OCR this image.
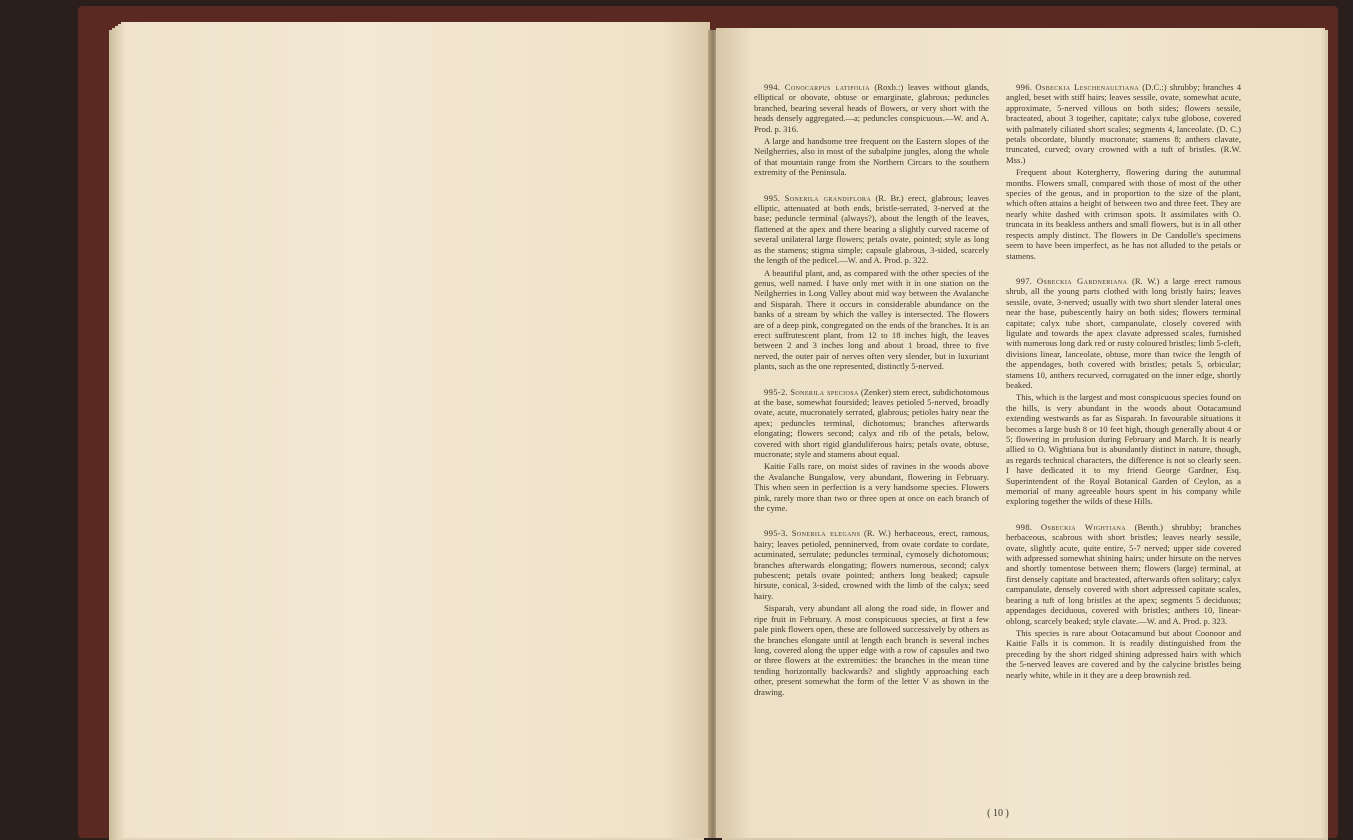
994. Conocarpus latifolia (Roxb.:) leaves without glands, elliptical or obovate, obtuse or emarginate, glabrous; peduncles branched, bearing several heads of flowers, or very short with the heads densely aggregated.—a; peduncles conspicuous.—W. and A. Prod. p. 316.

A large and handsome tree frequent on the Eastern slopes of the Neilgherries, also in most of the subalpine jungles, along the whole of that mountain range from the Northern Circars to the southern extremity of the Peninsula.

995. Sonerila grandiflora (R. Br.) erect, glabrous; leaves elliptic, attenuated at both ends, bristle-serrated, 3-nerved at the base; peduncle terminal (always?), about the length of the leaves, flattened at the apex and there bearing a slightly curved raceme of several unilateral large flowers; petals ovate, pointed; style as long as the stamens; stigma simple; capsule glabrous, 3-sided, scarcely the length of the pedicel.—W. and A. Prod. p. 322.

A beautiful plant, and, as compared with the other species of the genus, well named. I have only met with it in one station on the Neilgherries in Long Valley about mid way between the Avalanche and Sisparah. There it occurs in considerable abundance on the banks of a stream by which the valley is intersected. The flowers are of a deep pink, congregated on the ends of the branches. It is an erect suffrutescent plant, from 12 to 18 inches high, the leaves between 2 and 3 inches long and about 1 broad, three to five nerved, the outer pair of nerves often very slender, but in luxuriant plants, such as the one represented, distinctly 5-nerved.

995-2. Sonerila speciosa (Zenker) stem erect, subdichotomous at the base, somewhat foursided; leaves petioled 5-nerved, broadly ovate, acute, mucronately serrated, glabrous; petioles hairy near the apex; peduncles terminal, dichotomus; branches afterwards elongating; flowers second; calyx and rib of the petals, below, covered with short rigid glanduliferous hairs; petals ovate, obtuse, mucronate; style and stamens about equal.

Kaitie Falls rare, on moist sides of ravines in the woods above the Avalanche Bungalow, very abundant, flowering in February. This when seen in perfection is a very handsome species. Flowers pink, rarely more than two or three open at once on each branch of the cyme.

995-3. Sonerila elegans (R. W.) herbaceous, erect, ramous, hairy; leaves petioled, penninerved, from ovate cordate to cordate, acuminated, serrulate; peduncles terminal, cymosely dichotomous; branches afterwards elongating; flowers numerous, second; calyx pubescent; petals ovate pointed; anthers long beaked; capsule hirsute, conical, 3-sided, crowned with the limb of the calyx; seed hairy.

Sisparah, very abundant all along the road side, in flower and ripe fruit in February. A most conspicuous species, at first a few pale pink flowers open, these are followed successively by others as the branches elongate until at length each branch is several inches long, covered along the upper edge with a row of capsules and two or three flowers at the extremities: the branches in the mean time tending horizontally backwards? and slightly approaching each other, present somewhat the form of the letter V as shown in the drawing.

996. Osbeckia Leschenaultiana (D.C.:) shrubby; branches 4 angled, beset with stiff hairs; leaves sessile, ovate, somewhat acute, approximate, 5-nerved villous on both sides; flowers sessile, bracteated, about 3 together, capitate; calyx tube globose, covered with palmately ciliated short scales; segments 4, lanceolate. (D. C.) petals obcordate, bluntly mucronate; stamens 8; anthers clavate, truncated, curved; ovary crowned with a tuft of bristles. (R.W. Mss.)

Frequent about Kotergherry, flowering during the autumnal months. Flowers small, compared with those of most of the other species of the genus, and in proportion to the size of the plant, which often attains a height of between two and three feet. They are nearly white dashed with crimson spots. It assimilates with O. truncata in its beakless anthers and small flowers, but is in all other respects amply distinct. The flowers in De Candolle's specimens seem to have been imperfect, as he has not alluded to the petals or stamens.

997. Osbeckia Gardneriana (R. W.) a large erect ramous shrub, all the young parts clothed with long bristly hairs; leaves sessile, ovate, 3-nerved; usually with two short slender lateral ones near the base, pubescently hairy on both sides; flowers terminal capitate; calyx tube short, campanulate, closely covered with ligulate and towards the apex clavate adpressed scales, furnished with numerous long dark red or rusty coloured bristles; limb 5-cleft, divisions linear, lanceolate, obtuse, more than twice the length of the appendages, both covered with bristles; petals 5, orbicular; stamens 10, anthers recurved, corrugated on the inner edge, shortly beaked.

This, which is the largest and most conspicuous species found on the hills, is very abundant in the woods about Ootacamund extending westwards as far as Sisparah. In favourable situations it becomes a large bush 8 or 10 feet high, though generally about 4 or 5; flowering in profusion during February and March. It is nearly allied to O. Wightiana but is abundantly distinct in nature, though, as regards technical characters, the difference is not so clearly seen. I have dedicated it to my friend George Gardner, Esq. Superintendent of the Royal Botanical Garden of Ceylon, as a memorial of many agreeable hours spent in his company while exploring together the wilds of these Hills.

998. Osbeckia Wightiana (Benth.) shrubby; branches herbaceous, scabrous with short bristles; leaves nearly sessile, ovate, slightly acute, quite entire, 5-7 nerved; upper side covered with adpressed somewhat shining hairs; under hirsute on the nerves and shortly tomentose between them; flowers (large) terminal, at first densely capitate and bracteated, afterwards often solitary; calyx campanulate, densely covered with short adpressed capitate scales, bearing a tuft of long bristles at the apex; segments 5 deciduous; appendages deciduous, covered with bristles; anthers 10, linear-oblong, scarcely beaked; style clavate.—W. and A. Prod. p. 323.

This species is rare about Ootacamund but about Coonoor and Kaitie Falls it is common. It is readily distinguished from the preceding by the short ridged shining adpressed hairs with which the 5-nerved leaves are covered and by the calycine bristles being nearly white, while in it they are a deep brownish red.

( 10 )
